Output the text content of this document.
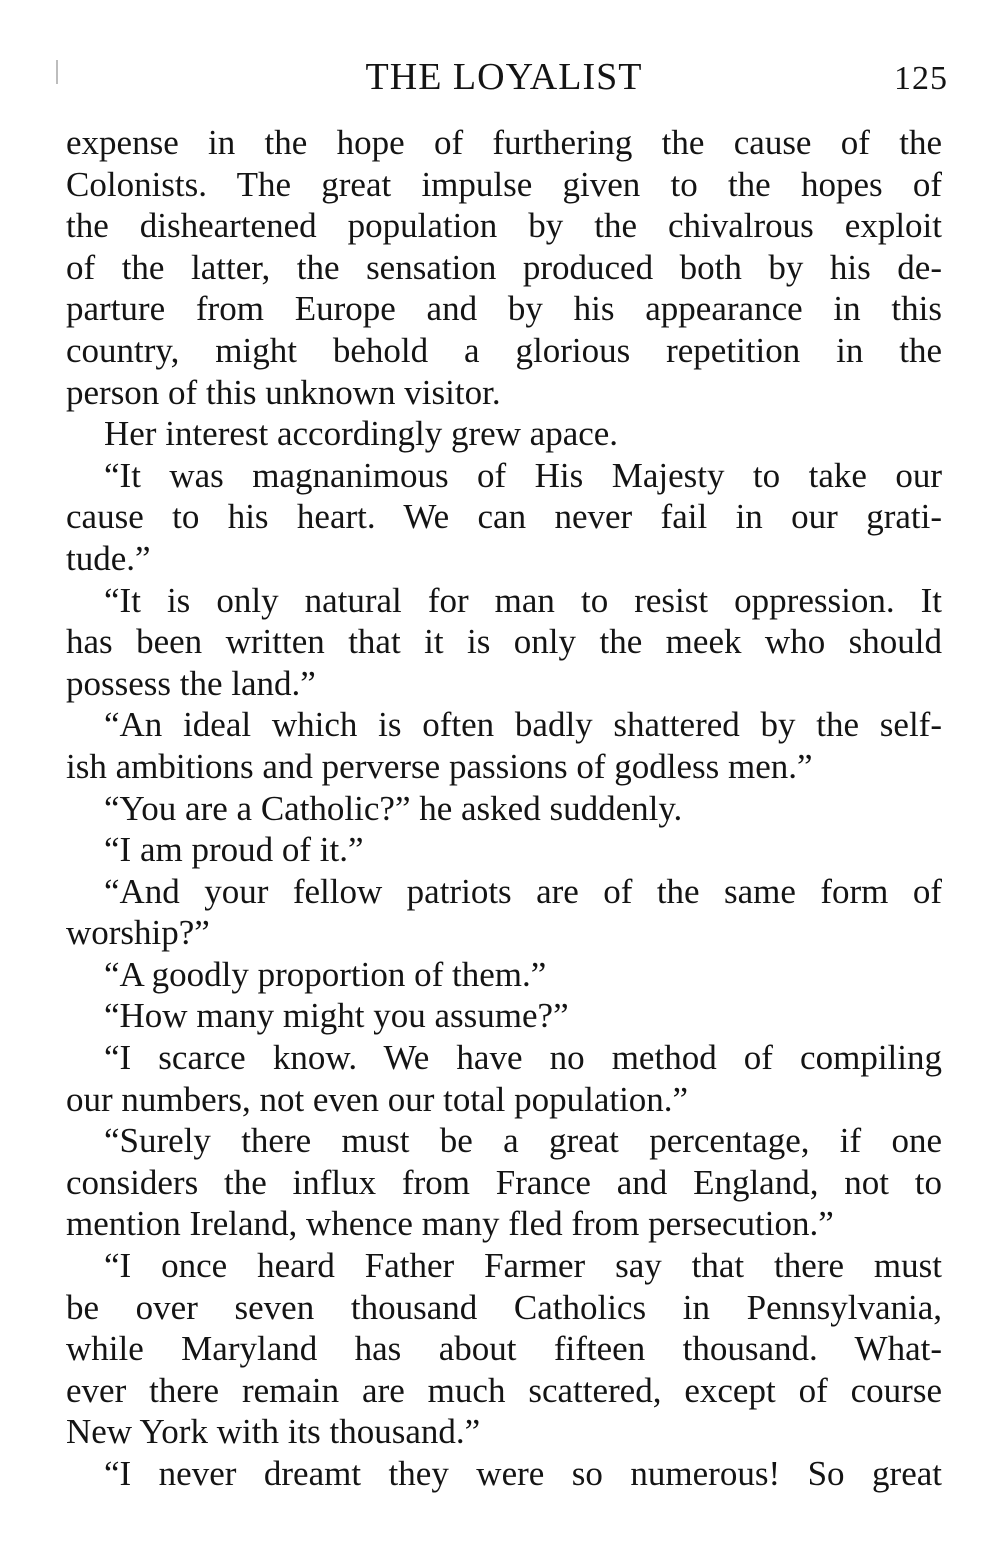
THE LOYALIST	125
expense in the hope of furthering the cause of the
Colonists. The great impulse given to the hopes of
the disheartened population by the chivalrous exploit
of the latter, the sensation produced both by his de-
parture from Europe and by his appearance in this
country, might behold a glorious repetition in the
person of this unknown visitor.
Her interest accordingly grew apace.
“It was magnanimous of His Majesty to take our
cause to his heart. We can never fail in our grati-
tude.”
“It is only natural for man to resist oppression. It
has been written that it is only the meek who should
possess the land.”
“An ideal which is often badly shattered by the self-
ish ambitions and perverse passions of godless men.”
“You are a Catholic?” he asked suddenly.
“I am proud of it.”
“And your fellow patriots are of the same form of
worship?”
“A goodly proportion of them.”
“How many might you assume?”
“I scarce know. We have no method of compiling
our numbers, not even our total population.”
“Surely there must be a great percentage, if one
considers the influx from France and England, not to
mention Ireland, whence many fled from persecution.”
“I once heard Father Farmer say that there must
be over seven thousand Catholics in Pennsylvania,
while Maryland has about fifteen thousand. What-
ever there remain are much scattered, except of course
New York with its thousand.”
“I never dreamt they were so numerous! So great
